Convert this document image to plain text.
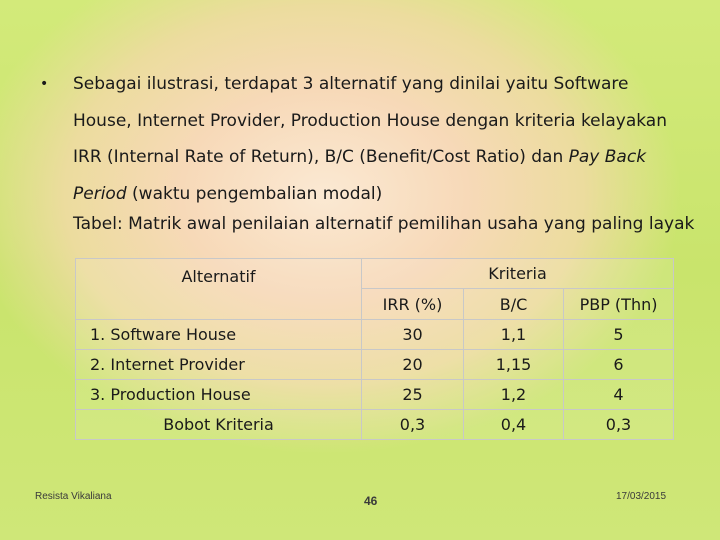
• Sebagai ilustrasi, terdapat 3 alternatif yang dinilai yaitu Software House, Internet Provider, Production House dengan kriteria kelayakan IRR (Internal Rate of Return), B/C (Benefit/Cost Ratio) dan Pay Back Period (waktu pengembalian modal)
Tabel: Matrik awal penilaian alternatif pemilihan usaha yang paling layak
Alternatif	Kriteria		
	IRR (%)	B/C	PBP (Thn)
1. Software House	30	1,1	5
2. Internet Provider	20	1,15	6
3. Production House	25	1,2	4
Bobot Kriteria	0,3	0,4	0,3
Resista Vikaliana	46	17/03/2015
